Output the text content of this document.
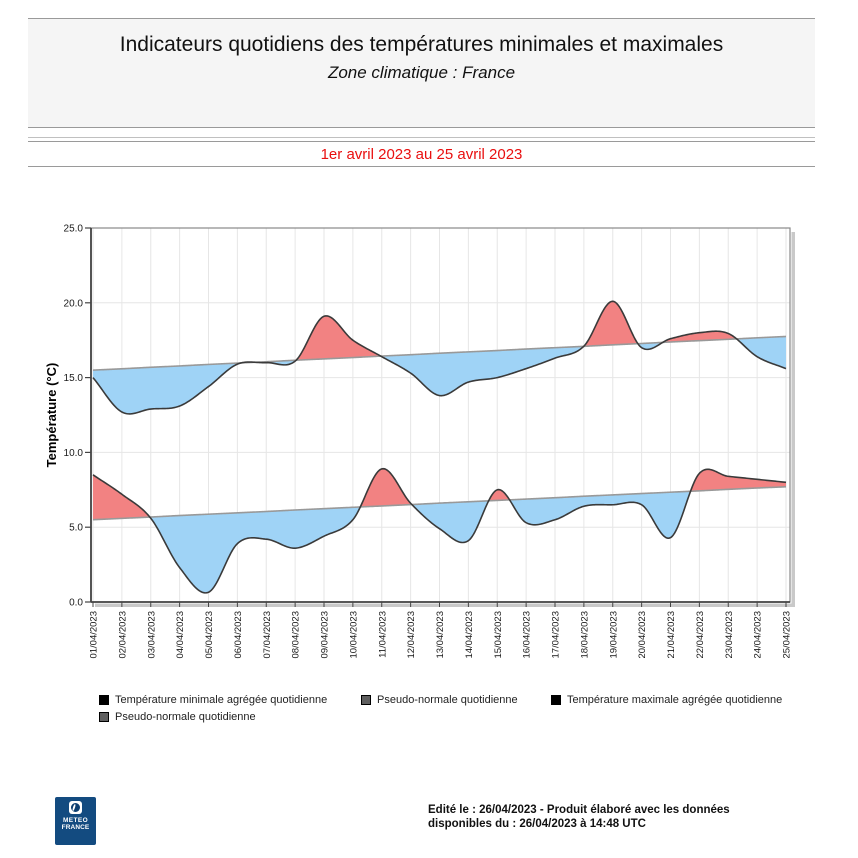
Indicateurs quotidiens des températures minimales et maximales
Zone climatique : France
1er avril 2023 au 25 avril 2023
0.0
5.0
10.0
15.0
20.0
25.0
01/04/2023 02/04/2023 03/04/2023 04/04/2023 05/04/2023 06/04/2023 07/04/2023 08/04/2023 09/04/2023 10/04/2023 11/04/2023 12/04/2023 13/04/2023 14/04/2023 15/04/2023 16/04/2023 17/04/2023 18/04/2023 19/04/2023 20/04/2023 21/04/2023 22/04/2023 23/04/2023 24/04/2023 25/04/2023
Température (°C)
Température minimale agrégée quotidienne	Pseudo-normale quotidienne	Température maximale agrégée quotidienne
Pseudo-normale quotidienne
METEO
FRANCE
Edité le : 26/04/2023 - Produit élaboré avec les données
disponibles du : 26/04/2023 à 14:48 UTC
